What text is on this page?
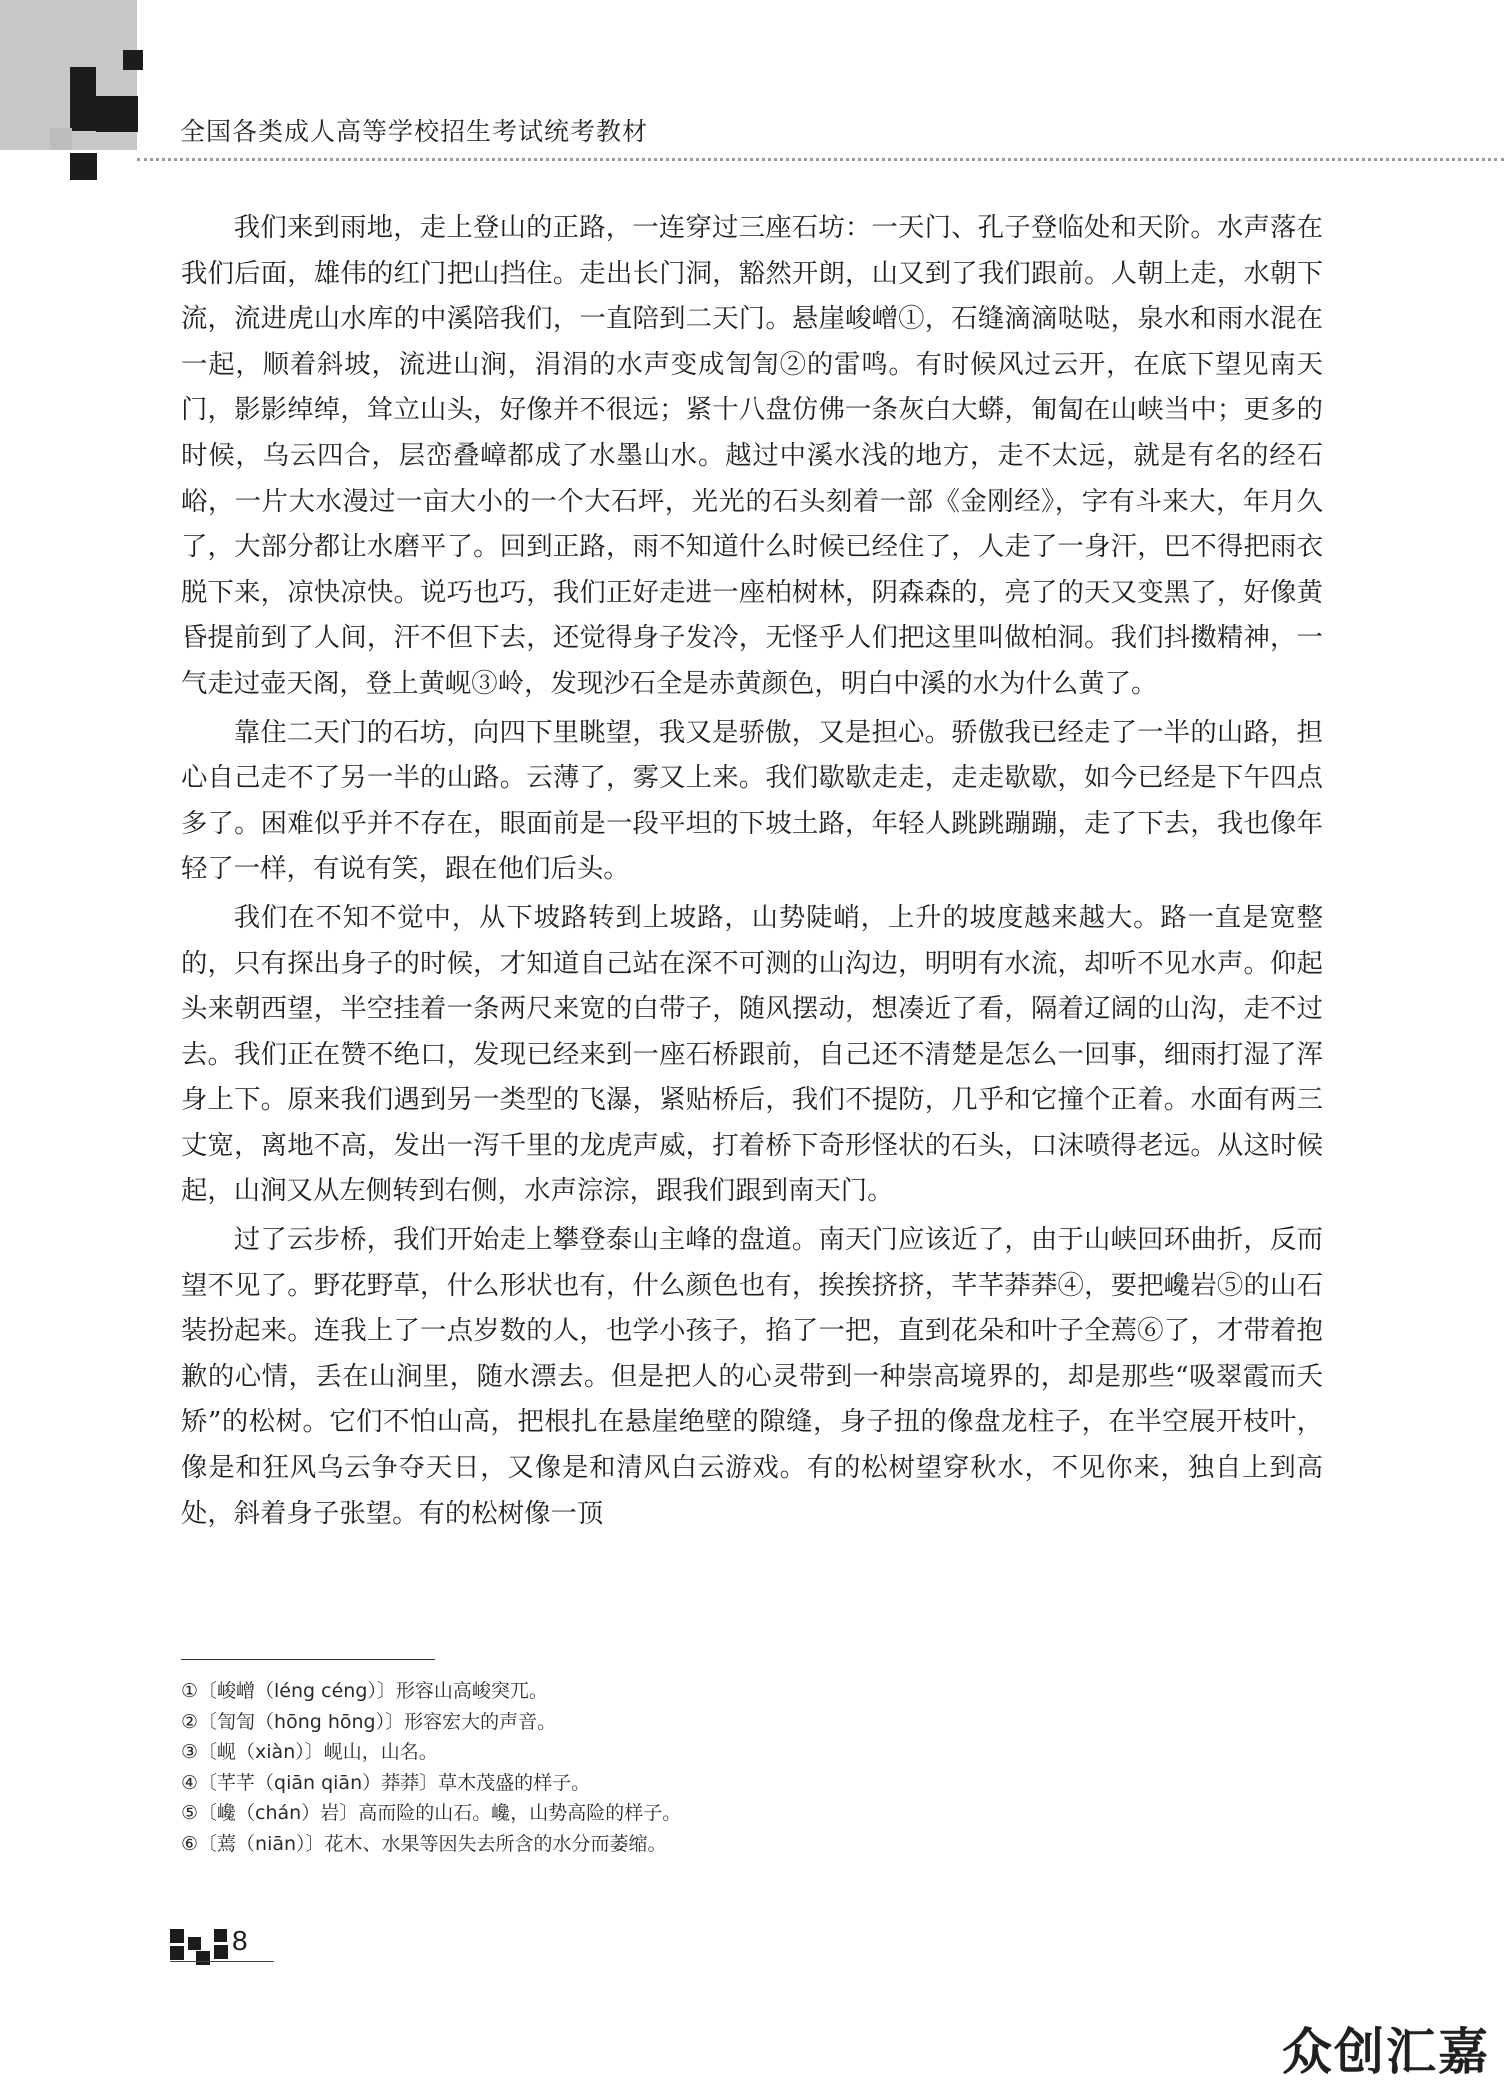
全国各类成人高等学校招生考试统考教材

我们来到雨地，走上登山的正路，一连穿过三座石坊：一天门、孔子登临处和天阶。水声落在我们后面，雄伟的红门把山挡住。走出长门洞，豁然开朗，山又到了我们跟前。人朝上走，水朝下流，流进虎山水库的中溪陪我们，一直陪到二天门。悬崖峻嶒①，石缝滴滴哒哒，泉水和雨水混在一起，顺着斜坡，流进山涧，涓涓的水声变成訇訇②的雷鸣。有时候风过云开，在底下望见南天门，影影绰绰，耸立山头，好像并不很远；紧十八盘仿佛一条灰白大蟒，匍匐在山峡当中；更多的时候，乌云四合，层峦叠嶂都成了水墨山水。越过中溪水浅的地方，走不太远，就是有名的经石峪，一片大水漫过一亩大小的一个大石坪，光光的石头刻着一部《金刚经》，字有斗来大，年月久了，大部分都让水磨平了。回到正路，雨不知道什么时候已经住了，人走了一身汗，巴不得把雨衣脱下来，凉快凉快。说巧也巧，我们正好走进一座柏树林，阴森森的，亮了的天又变黑了，好像黄昏提前到了人间，汗不但下去，还觉得身子发冷，无怪乎人们把这里叫做柏洞。我们抖擞精神，一气走过壶天阁，登上黄岘③岭，发现沙石全是赤黄颜色，明白中溪的水为什么黄了。

靠住二天门的石坊，向四下里眺望，我又是骄傲，又是担心。骄傲我已经走了一半的山路，担心自己走不了另一半的山路。云薄了，雾又上来。我们歇歇走走，走走歇歇，如今已经是下午四点多了。困难似乎并不存在，眼面前是一段平坦的下坡土路，年轻人跳跳蹦蹦，走了下去，我也像年轻了一样，有说有笑，跟在他们后头。

我们在不知不觉中，从下坡路转到上坡路，山势陡峭，上升的坡度越来越大。路一直是宽整的，只有探出身子的时候，才知道自己站在深不可测的山沟边，明明有水流，却听不见水声。仰起头来朝西望，半空挂着一条两尺来宽的白带子，随风摆动，想凑近了看，隔着辽阔的山沟，走不过去。我们正在赞不绝口，发现已经来到一座石桥跟前，自己还不清楚是怎么一回事，细雨打湿了浑身上下。原来我们遇到另一类型的飞瀑，紧贴桥后，我们不提防，几乎和它撞个正着。水面有两三丈宽，离地不高，发出一泻千里的龙虎声威，打着桥下奇形怪状的石头，口沫喷得老远。从这时候起，山涧又从左侧转到右侧，水声淙淙，跟我们跟到南天门。

过了云步桥，我们开始走上攀登泰山主峰的盘道。南天门应该近了，由于山峡回环曲折，反而望不见了。野花野草，什么形状也有，什么颜色也有，挨挨挤挤，芊芊莽莽④，要把巉岩⑤的山石装扮起来。连我上了一点岁数的人，也学小孩子，掐了一把，直到花朵和叶子全蔫⑥了，才带着抱歉的心情，丢在山涧里，随水漂去。但是把人的心灵带到一种崇高境界的，却是那些“吸翠霞而夭矫”的松树。它们不怕山高，把根扎在悬崖绝壁的隙缝，身子扭的像盘龙柱子，在半空展开枝叶，像是和狂风乌云争夺天日，又像是和清风白云游戏。有的松树望穿秋水，不见你来，独自上到高处，斜着身子张望。有的松树像一顶

①〔峻嶒（léng céng）〕形容山高峻突兀。
②〔訇訇（hōng hōng）〕形容宏大的声音。
③〔岘（xiàn）〕岘山，山名。
④〔芊芊（qiān qiān）莽莽〕草木茂盛的样子。
⑤〔巉（chán）岩〕高而险的山石。巉，山势高险的样子。
⑥〔蔫（niān）〕花木、水果等因失去所含的水分而萎缩。
8
众创汇嘉
